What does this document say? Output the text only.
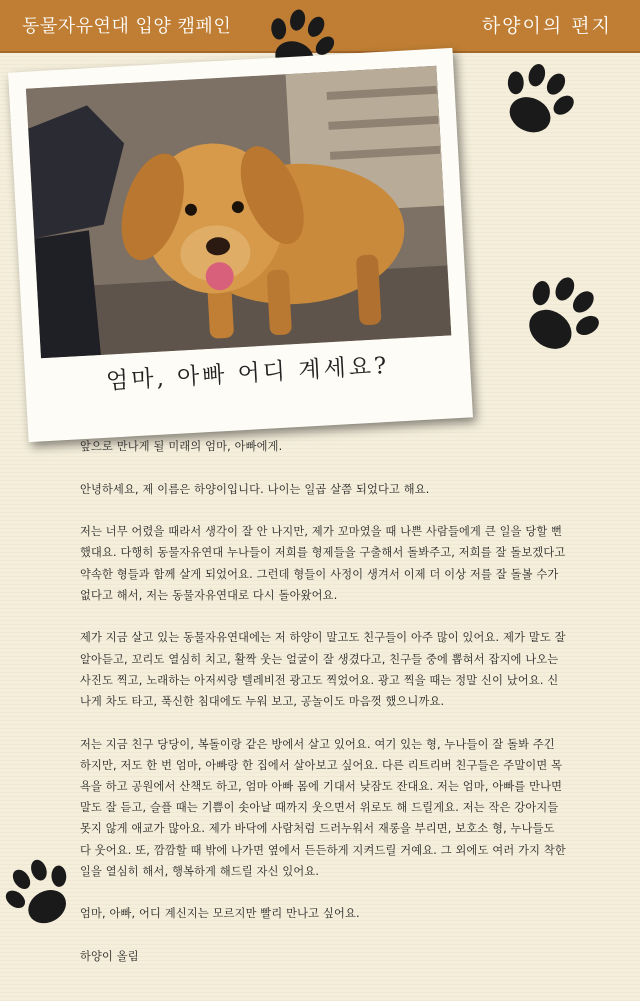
동물자유연대 입양 캠페인	하양이의 편지
엄마, 아빠 어디 계세요?

앞으로 만나게 될 미래의 엄마, 아빠에게.

안녕하세요, 제 이름은 하양이입니다. 나이는 일곱 살쯤 되었다고 해요.

저는 너무 어렸을 때라서 생각이 잘 안 나지만, 제가 꼬마였을 때 나쁜 사람들에게 큰 일을 당할 뻔 했대요. 다행히 동물자유연대 누나들이 저희를 형제들을 구출해서 돌봐주고, 저희를 잘 돌보겠다고 약속한 형들과 함께 살게 되었어요. 그런데 형들이 사정이 생겨서 이제 더 이상 저를 잘 돌볼 수가 없다고 해서, 저는 동물자유연대로 다시 돌아왔어요.

제가 지금 살고 있는 동물자유연대에는 저 하양이 말고도 친구들이 아주 많이 있어요. 제가 말도 잘 알아듣고, 꼬리도 열심히 치고, 활짝 웃는 얼굴이 잘 생겼다고, 친구들 중에 뽑혀서 잡지에 나오는 사진도 찍고, 노래하는 아저씨랑 텔레비전 광고도 찍었어요. 광고 찍을 때는 정말 신이 났어요. 신나게 차도 타고, 푹신한 침대에도 누워 보고, 공놀이도 마음껏 했으니까요.

저는 지금 친구 당당이, 복돌이랑 같은 방에서 살고 있어요. 여기 있는 형, 누나들이 잘 돌봐 주긴 하지만, 저도 한 번 엄마, 아빠랑 한 집에서 살아보고 싶어요. 다른 리트리버 친구들은 주말이면 목욕을 하고 공원에서 산책도 하고, 엄마 아빠 몸에 기대서 낮잠도 잔대요. 저는 엄마, 아빠를 만나면 말도 잘 듣고, 슬플 때는 기쁨이 솟아날 때까지 웃으면서 위로도 해 드릴게요. 저는 작은 강아지들 못지 않게 애교가 많아요. 제가 바닥에 사람처럼 드러누워서 재롱을 부리면, 보호소 형, 누나들도 다 웃어요. 또, 깜깜할 때 밖에 나가면 옆에서 든든하게 지켜드릴 거예요. 그 외에도 여러 가지 착한 일을 열심히 해서, 행복하게 해드릴 자신 있어요.

엄마, 아빠, 어디 계신지는 모르지만 빨리 만나고 싶어요.

하양이 올림
